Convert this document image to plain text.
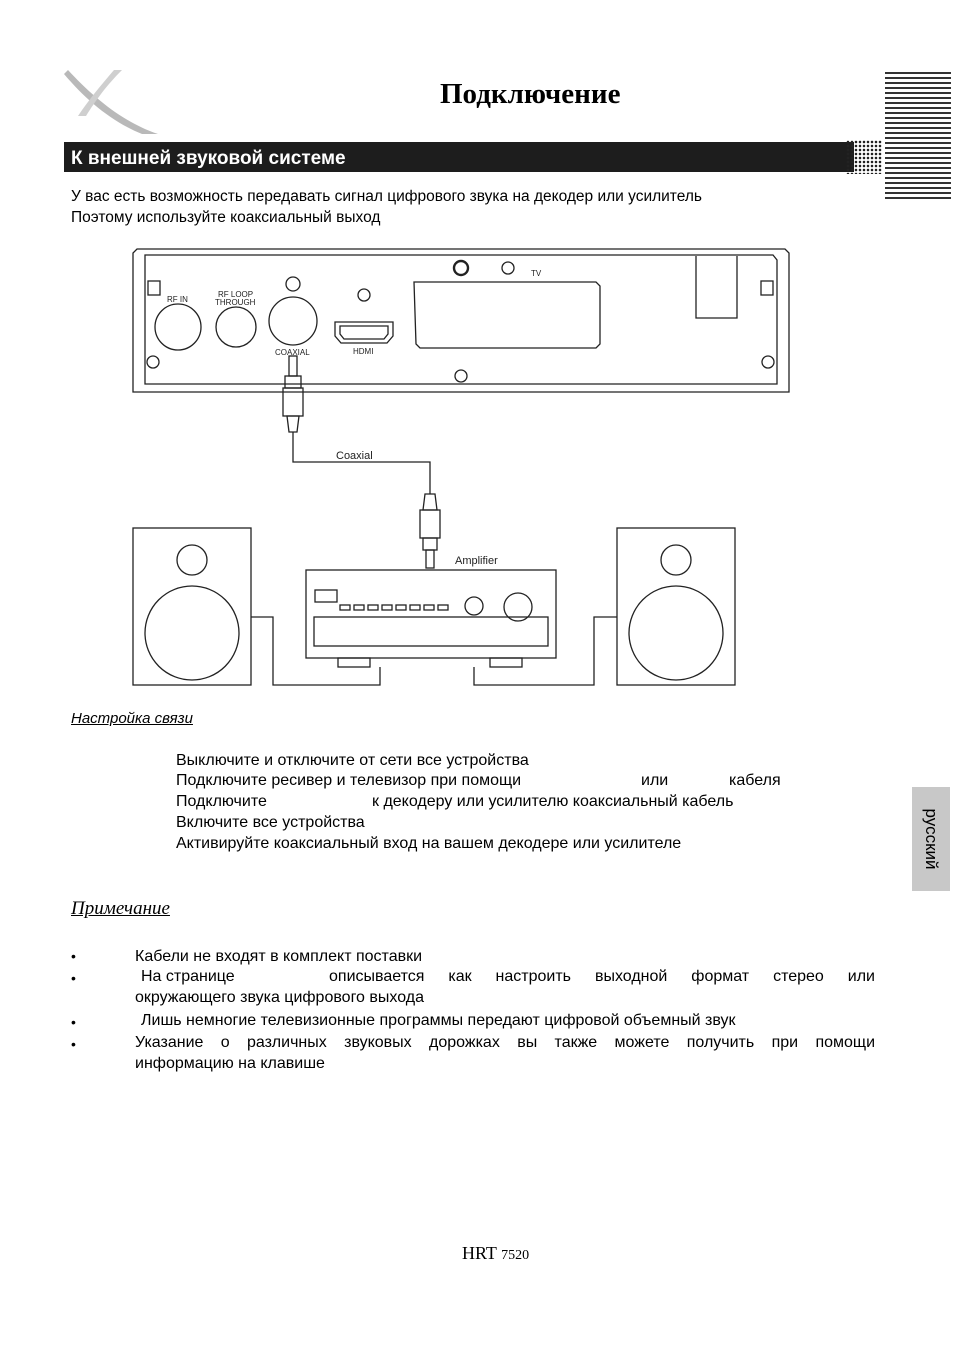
Подключение
К внешней звуковой системе
У вас есть возможность передавать сигнал цифрового звука на декодер или усилитель
Поэтому используйте коаксиальный выход
RF IN
RF LOOP
THROUGH
COAXIAL	HDMI
TV
Coaxial
Amplifier
Настройка связи
Выключите и отключите от сети все устройства
Подключите ресивер и телевизор при помощи	или	кабеля
Подключите	к декодеру или усилителю коаксиальный кабель
Включите все устройства
Активируйте коаксиальный вход на вашем декодере или усилителе	русский
Примечание
•
•
•
•
Кабели не входят в комплект поставки
На странице	описывается как настроить выходной формат стерео или
окружающего звука цифрового выхода
Лишь немногие телевизионные программы передают цифровой объемный звук
Указание о различных звуковых дорожках вы также можете получить при помощи
информацию на клавише
HRT 7520
